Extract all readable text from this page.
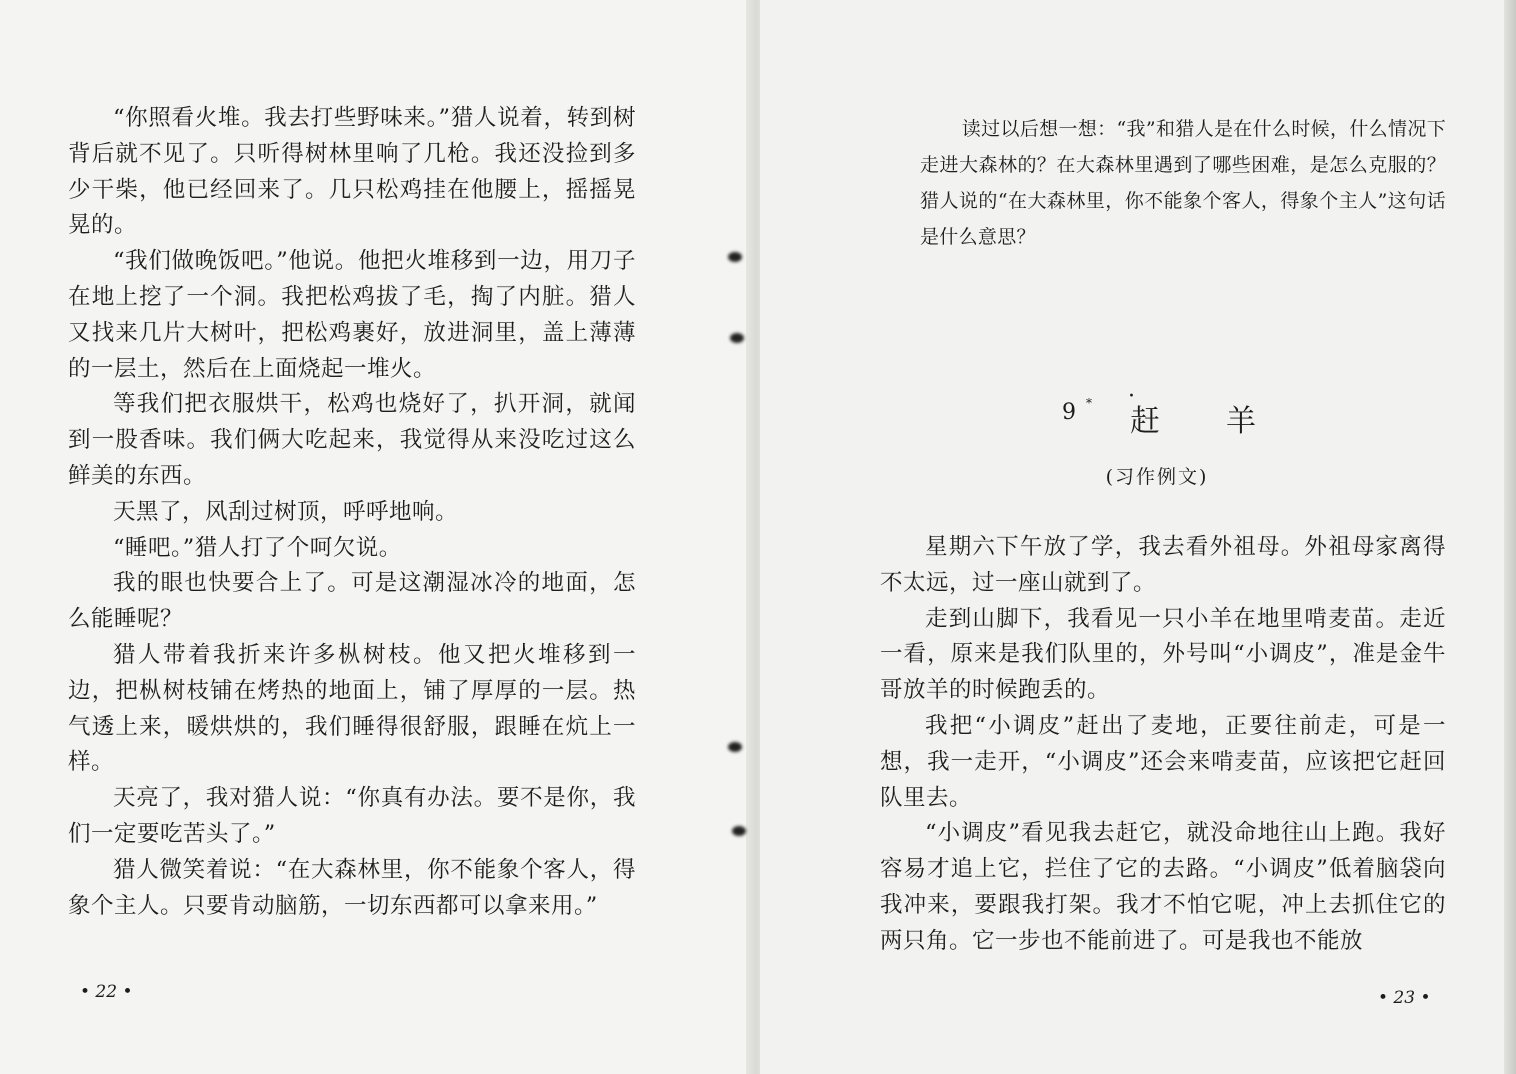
“你照看火堆。我去打些野味来。”猎人说着，转到树背后就不见了。只听得树林里响了几枪。我还没捡到多少干柴，他已经回来了。几只松鸡挂在他腰上，摇摇晃晃的。

“我们做晚饭吧。”他说。他把火堆移到一边，用刀子在地上挖了一个洞。我把松鸡拔了毛，掏了内脏。猎人又找来几片大树叶，把松鸡裹好，放进洞里，盖上薄薄的一层土，然后在上面烧起一堆火。

等我们把衣服烘干，松鸡也烧好了，扒开洞，就闻到一股香味。我们俩大吃起来，我觉得从来没吃过这么鲜美的东西。

天黑了，风刮过树顶，呼呼地响。

“睡吧。”猎人打了个呵欠说。

我的眼也快要合上了。可是这潮湿冰冷的地面，怎么能睡呢？

猎人带着我折来许多枞树枝。他又把火堆移到一边，把枞树枝铺在烤热的地面上，铺了厚厚的一层。热气透上来，暖烘烘的，我们睡得很舒服，跟睡在炕上一样。

天亮了，我对猎人说：“你真有办法。要不是你，我们一定要吃苦头了。”

猎人微笑着说：“在大森林里，你不能象个客人，得象个主人。只要肯动脑筋，一切东西都可以拿来用。”

• 22 •

读过以后想一想：“我”和猎人是在什么时候，什么情况下走进大森林的？在大森林里遇到了哪些困难，是怎么克服的？猎人说的“在大森林里，你不能象个客人，得象个主人”这句话是什么意思？

9 * ·
赶 羊
(习作例文)

星期六下午放了学，我去看外祖母。外祖母家离得不太远，过一座山就到了。

走到山脚下，我看见一只小羊在地里啃麦苗。走近一看，原来是我们队里的，外号叫“小调皮”，准是金牛哥放羊的时候跑丢的。

我把“小调皮”赶出了麦地，正要往前走，可是一想，我一走开，“小调皮”还会来啃麦苗，应该把它赶回队里去。

“小调皮”看见我去赶它，就没命地往山上跑。我好容易才追上它，拦住了它的去路。“小调皮”低着脑袋向我冲来，要跟我打架。我才不怕它呢，冲上去抓住它的两只角。它一步也不能前进了。可是我也不能放

• 23 •
